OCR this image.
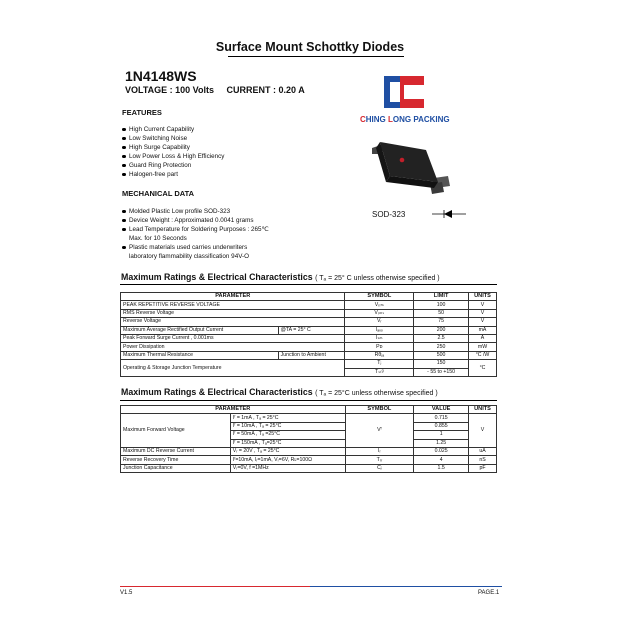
Surface Mount Schottky Diodes
1N4148WS
VOLTAGE : 100 Volts     CURRENT : 0.20 A
CHING LONG PACKING
FEATURES
High Current Capability
Low Switching Noise
High Surge Capability
Low Power Loss & High Efficiency
Guard Ring Protection
Halogen-free part
MECHANICAL DATA
Molded Plastic Low profile SOD-323
Device Weight : Approximated 0.0041 grams
Lead Temperature for Soldering Purposes : 265℃
Max. for 10 Seconds
Plastic materials used carries underwriters
laboratory flammability classification 94V-O
SOD-323
Maximum Ratings & Electrical Characteristics ( Tₐ = 25° C unless otherwise specified )
PARAMETER		SYMBOL	LIMIT	UNITS
PEAK REPETITIVE REVERSE VOLTAGE		Vᵣᵣₘ	100	V
RMS Reverse Voltage		Vᵣₘₛ	50	V
Reverse Voltage		Vᵣ	75	V
Maximum Average Rectified Output Current	@TA = 25° C	Iₐᵥₒ	200	mA
Peak Forward Surge Current , 0.001ms		Iₛₘ	2.5	A
Power Dissipation		Pᴅ	250	mW
Maximum Thermal Resistance	Junction to Ambient	Rθⱼₐ	500	°C /W
Operating & Storage Junction Temperature		Tⱼ	150	°C
		Tₛₜᵍ	- 55 to +150	
Maximum Ratings & Electrical Characteristics ( Tₐ = 25°C unless otherwise specified )
PARAMETER		SYMBOL	VALUE	UNITS
Maximum Forward Voltage	Iᶠ = 1mA , Tₐ = 25°C	Vᶠ	0.715	V
	Iᶠ = 10mA , Tₐ = 25°C		0.855	
	Iᶠ = 50mA , Tₐ =25°C		1	
	Iᶠ = 150mA , Tₐ=25°C		1.25	
Maximum DC Reverse Current	Vᵣ = 20V , Tₐ = 25°C	Iᵣ	0.025	uA
Reverse Recovery Time	Iᶠ=10mA, Iᵣ=1mA, Vᵣ=6V, Rʟ=100Ω	Tᵣᵣ	4	nS
Junction Capacitance	Vᵣ=0V, f =1MHz	Cⱼ	1.5	pF
V1.5	PAGE.1
